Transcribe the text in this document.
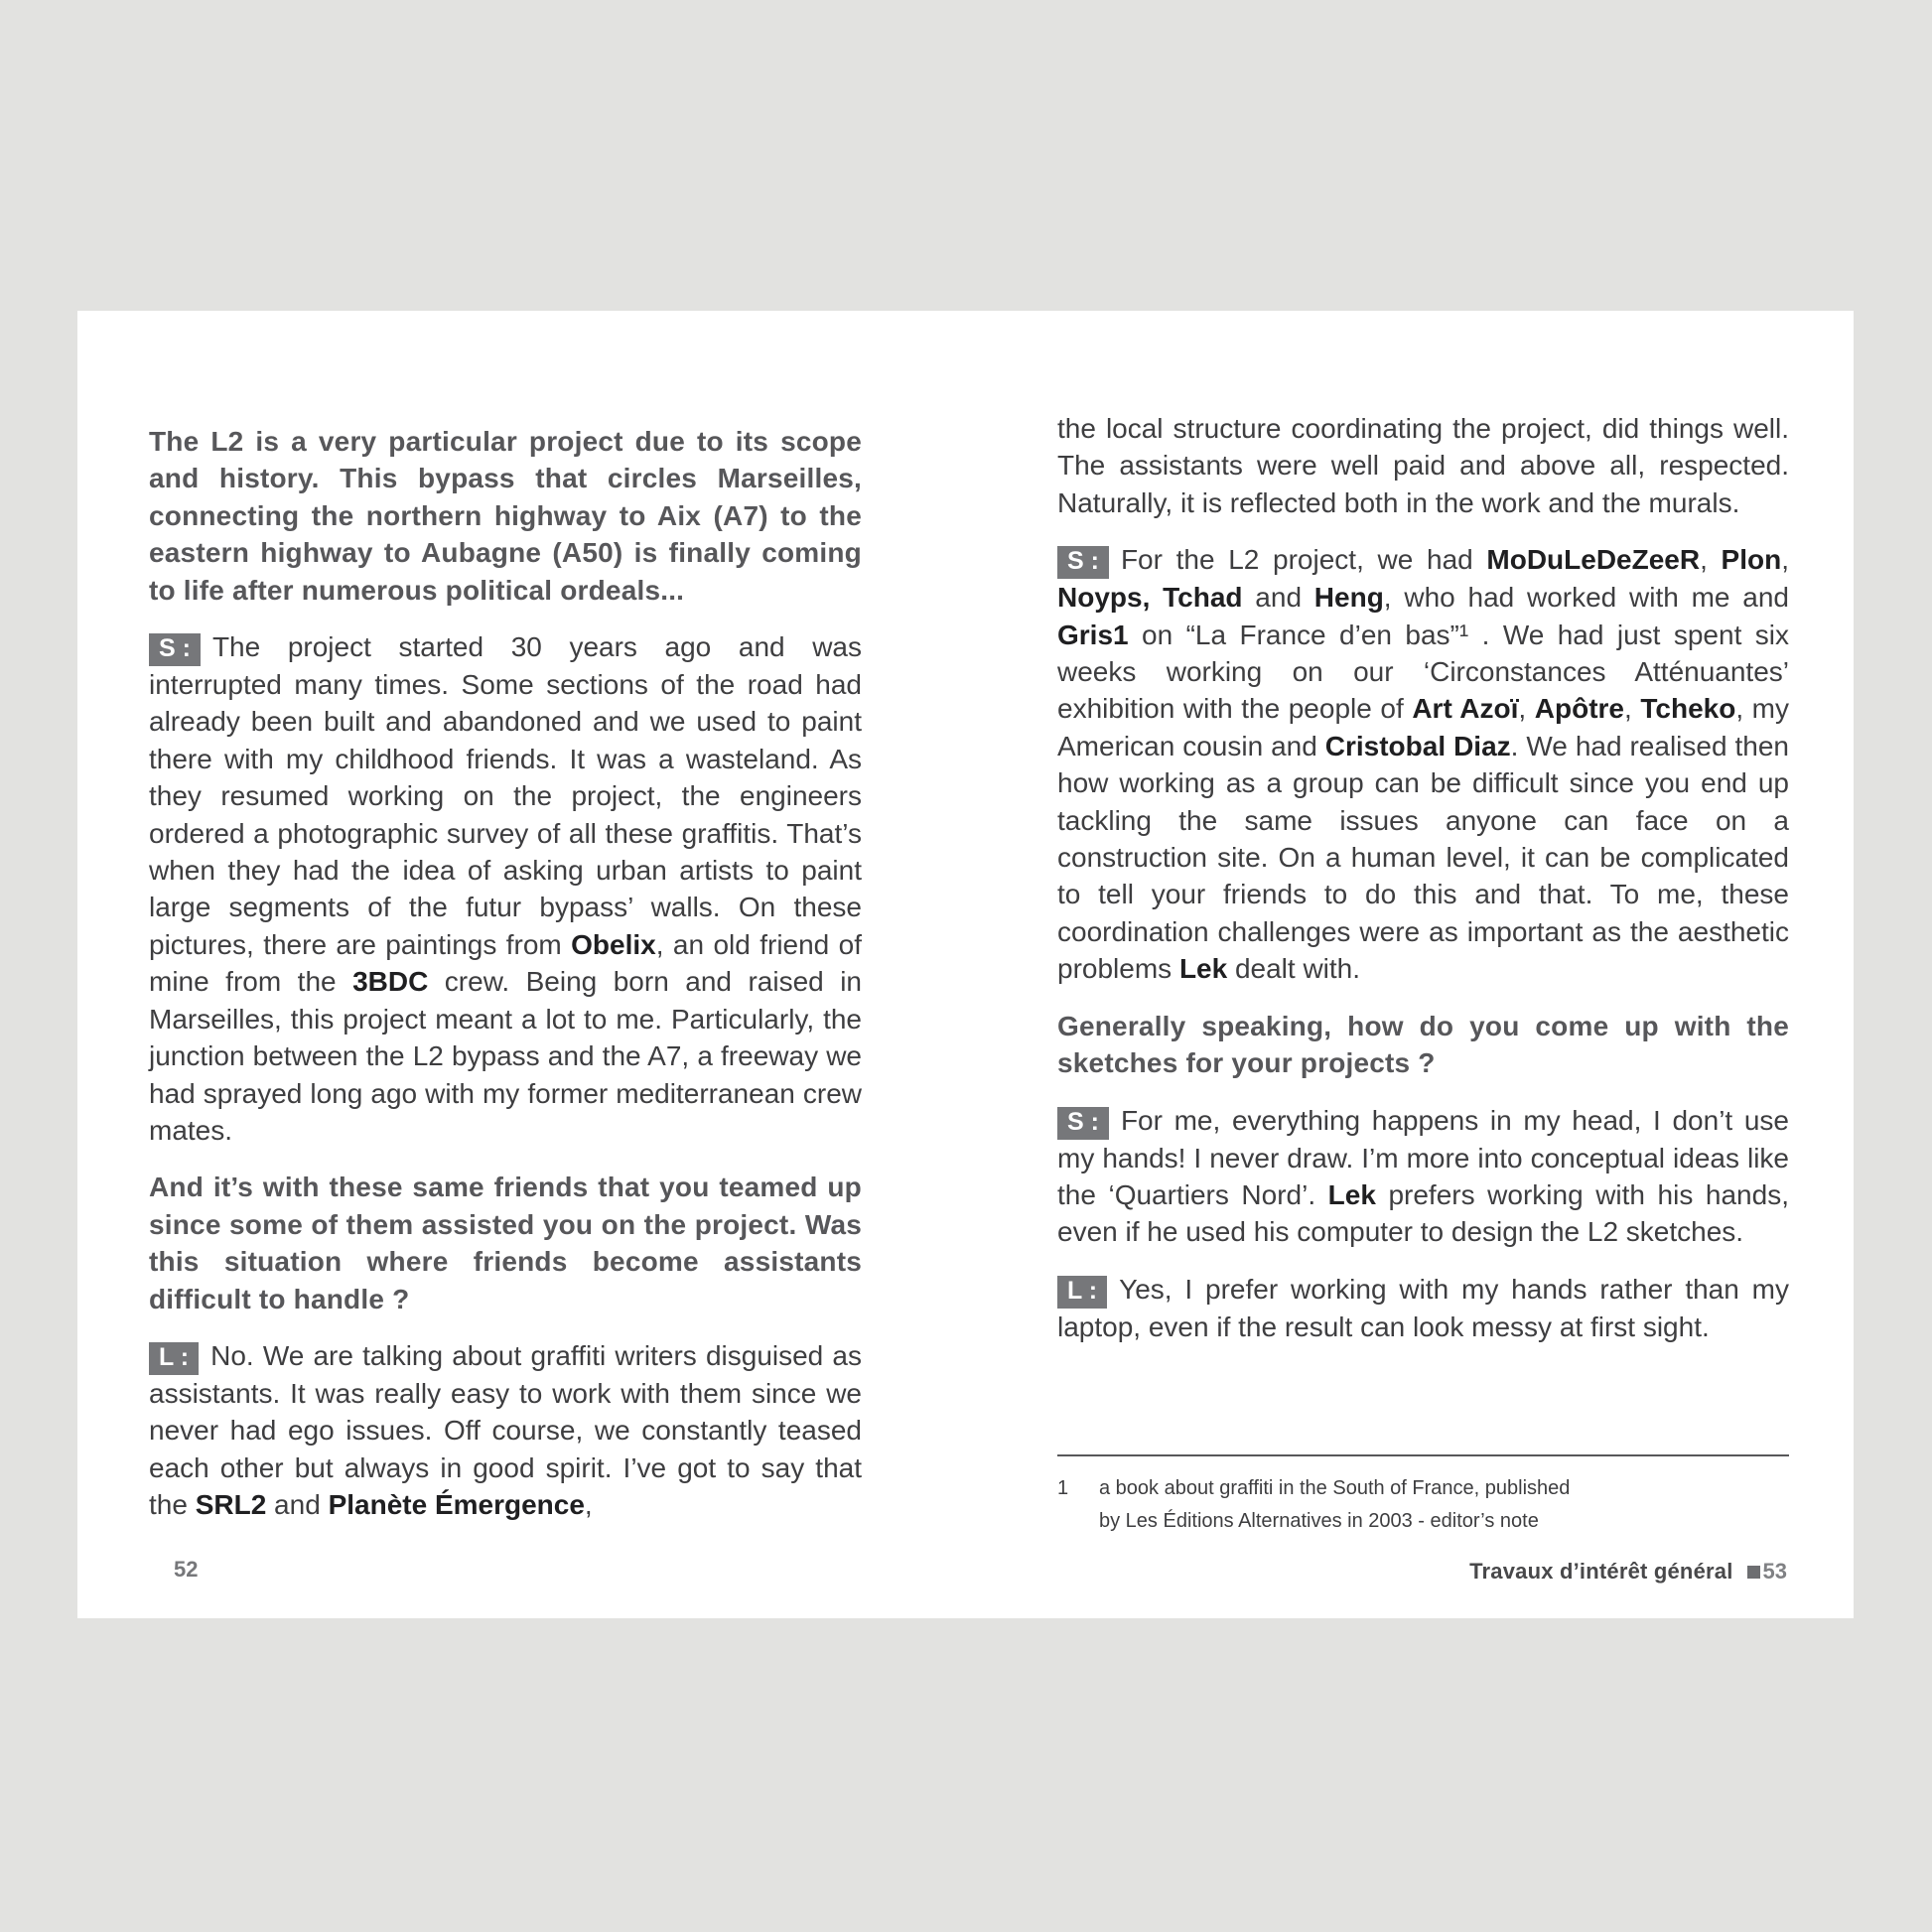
The L2 is a very particular project due to its scope and history. This bypass that circles Marseilles, connecting the northern highway to Aix (A7) to the eastern highway to Aubagne (A50) is finally coming to life after numerous political ordeals...

S : The project started 30 years ago and was interrupted many times. Some sections of the road had already been built and abandoned and we used to paint there with my childhood friends. It was a wasteland. As they resumed working on the project, the engineers ordered a photographic survey of all these graffitis. That’s when they had the idea of asking urban artists to paint large segments of the futur bypass’ walls. On these pictures, there are paintings from Obelix, an old friend of mine from the 3BDC crew. Being born and raised in Marseilles, this project meant a lot to me. Particularly, the junction between the L2 bypass and the A7, a freeway we had sprayed long ago with my former mediterranean crew mates.

And it’s with these same friends that you teamed up since some of them assisted you on the project. Was this situation where friends become assistants difficult to handle ?

L : No. We are talking about graffiti writers disguised as assistants. It was really easy to work with them since we never had ego issues. Off course, we constantly teased each other but always in good spirit. I’ve got to say that the SRL2 and Planète Émergence,

the local structure coordinating the project, did things well. The assistants were well paid and above all, respected. Naturally, it is reflected both in the work and the murals.

S : For the L2 project, we had MoDuLeDeZeeR, Plon, Noyps, Tchad and Heng, who had worked with me and Gris1 on “La France d’en bas”¹ . We had just spent six weeks working on our ‘Circonstances Atténuantes’ exhibition with the people of Art Azoï, Apôtre, Tcheko, my American cousin and Cristobal Diaz. We had realised then how working as a group can be difficult since you end up tackling the same issues anyone can face on a construction site. On a human level, it can be complicated to tell your friends to do this and that. To me, these coordination challenges were as important as the aesthetic problems Lek dealt with.

Generally speaking, how do you come up with the sketches for your projects ?

S : For me, everything happens in my head, I don’t use my hands! I never draw. I’m more into conceptual ideas like the ‘Quartiers Nord’. Lek prefers working with his hands, even if he used his computer to design the L2 sketches.

L : Yes, I prefer working with my hands rather than my laptop, even if the result can look messy at first sight.

1	a book about graffiti in the South of France, published by Les Éditions Alternatives in 2003 - editor’s note
52	Travaux d’intérêt général 53
